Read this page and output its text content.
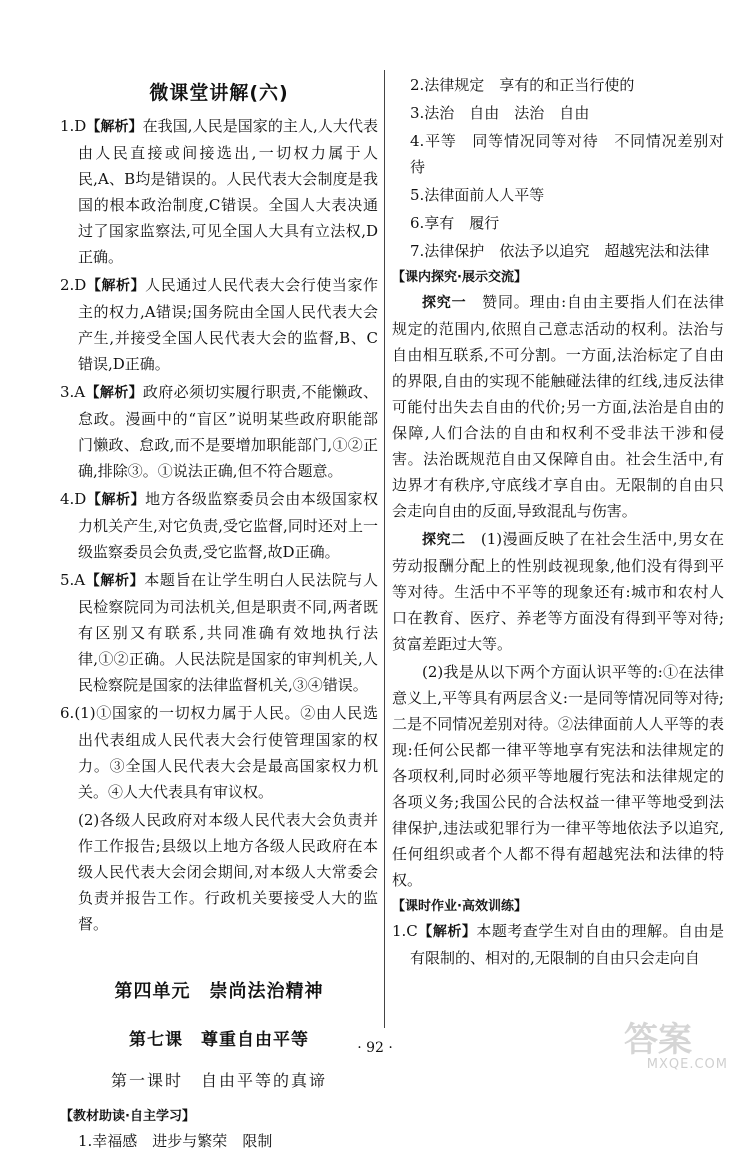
微课堂讲解(六)
1.D【解析】在我国,人民是国家的主人,人大代表由人民直接或间接选出,一切权力属于人民,A、B均是错误的。人民代表大会制度是我国的根本政治制度,C错误。全国人大表决通过了国家监察法,可见全国人大具有立法权,D正确。
2.D【解析】人民通过人民代表大会行使当家作主的权力,A错误;国务院由全国人民代表大会产生,并接受全国人民代表大会的监督,B、C错误,D正确。
3.A【解析】政府必须切实履行职责,不能懒政、怠政。漫画中的“盲区”说明某些政府职能部门懒政、怠政,而不是要增加职能部门,①②正确,排除③。①说法正确,但不符合题意。
4.D【解析】地方各级监察委员会由本级国家权力机关产生,对它负责,受它监督,同时还对上一级监察委员会负责,受它监督,故D正确。
5.A【解析】本题旨在让学生明白人民法院与人民检察院同为司法机关,但是职责不同,两者既有区别又有联系,共同准确有效地执行法律,①②正确。人民法院是国家的审判机关,人民检察院是国家的法律监督机关,③④错误。
6.(1)①国家的一切权力属于人民。②由人民选出代表组成人民代表大会行使管理国家的权力。③全国人民代表大会是最高国家权力机关。④人大代表具有审议权。
(2)各级人民政府对本级人民代表大会负责并作工作报告;县级以上地方各级人民政府在本级人民代表大会闭会期间,对本级人大常委会负责并报告工作。行政机关要接受人大的监督。
第四单元　崇尚法治精神
第七课　尊重自由平等
第一课时　自由平等的真谛
【教材助读·自主学习】
1.幸福感　进步与繁荣　限制
2.法律规定　享有的和正当行使的
3.法治　自由　法治　自由
4.平等　同等情况同等对待　不同情况差别对待
5.法律面前人人平等
6.享有　履行
7.法律保护　依法予以追究　超越宪法和法律
【课内探究·展示交流】
探究一　 赞同。理由:自由主要指人们在法律规定的范围内,依照自己意志活动的权利。法治与自由相互联系,不可分割。一方面,法治标定了自由的界限,自由的实现不能触碰法律的红线,违反法律可能付出失去自由的代价;另一方面,法治是自由的保障,人们合法的自由和权利不受非法干涉和侵害。法治既规范自由又保障自由。社会生活中,有边界才有秩序,守底线才享自由。无限制的自由只会走向自由的反面,导致混乱与伤害。
探究二　 (1)漫画反映了在社会生活中,男女在劳动报酬分配上的性别歧视现象,他们没有得到平等对待。生活中不平等的现象还有:城市和农村人口在教育、医疗、养老等方面没有得到平等对待;贫富差距过大等。
(2)我是从以下两个方面认识平等的:①在法律意义上,平等具有两层含义:一是同等情况同等对待;二是不同情况差别对待。②法律面前人人平等的表现:任何公民都一律平等地享有宪法和法律规定的各项权利,同时必须平等地履行宪法和法律规定的各项义务;我国公民的合法权益一律平等地受到法律保护,违法或犯罪行为一律平等地依法予以追究,任何组织或者个人都不得有超越宪法和法律的特权。
【课时作业·高效训练】
1.C【解析】本题考查学生对自由的理解。自由是有限制的、相对的,无限制的自由只会走向自
· 92 ·	答案
MXQE.COM
